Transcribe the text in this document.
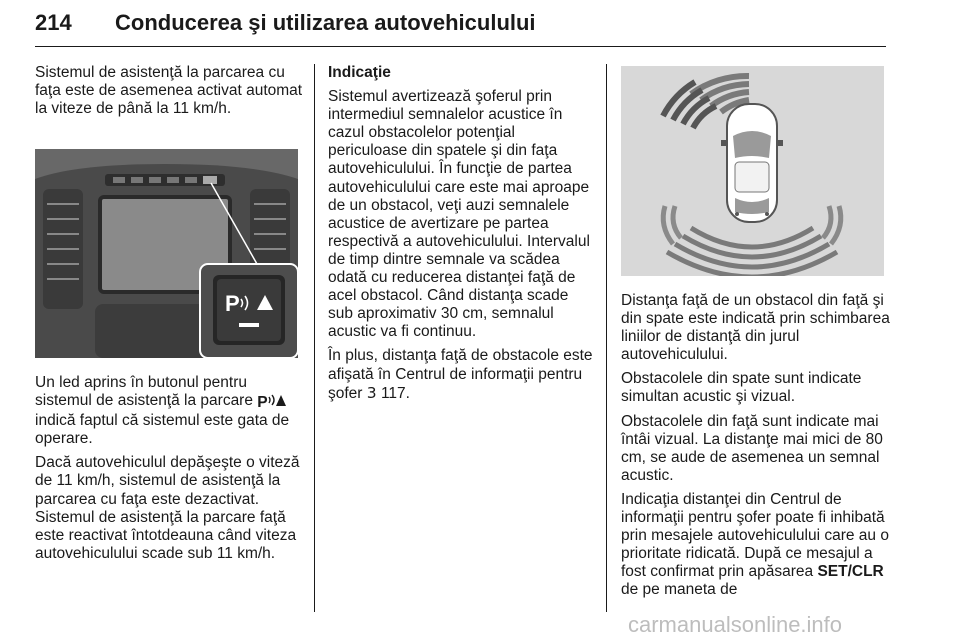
214 Conducerea şi utilizarea autovehiculului

Sistemul de asistenţă la parcarea cu faţa este de asemenea activat automat la viteze de până la 11 km/h.

P

Un led aprins în butonul pentru sistemul de asistenţă la parcare P indică faptul că sistemul este gata de operare.

Dacă autovehiculul depăşeşte o viteză de 11 km/h, sistemul de asistenţă la parcarea cu faţa este dezactivat. Sistemul de asistenţă la parcare faţă este reactivat întotdeauna când viteza autovehiculului scade sub 11 km/h.

Indicaţie

Sistemul avertizează şoferul prin intermediul semnalelor acustice în cazul obstacolelor potenţial periculoase din spatele şi din faţa autovehiculului. În funcţie de partea autovehiculului care este mai aproape de un obstacol, veţi auzi semnalele acustice de avertizare pe partea respectivă a autovehiculului. Intervalul de timp dintre semnale va scădea odată cu reducerea distanţei faţă de acel obstacol. Când distanţa scade sub aproximativ 30 cm, semnalul acustic va fi continuu.

În plus, distanţa faţă de obstacole este afişată în Centrul de informaţii pentru şofer 3 117.

Distanţa faţă de un obstacol din faţă şi din spate este indicată prin schimbarea liniilor de distanţă din jurul autovehiculului.

Obstacolele din spate sunt indicate simultan acustic şi vizual.

Obstacolele din faţă sunt indicate mai întâi vizual. La distanţe mai mici de 80 cm, se aude de asemenea un semnal acustic.

Indicaţia distanţei din Centrul de informaţii pentru şofer poate fi inhibată prin mesajele autovehiculului care au o prioritate ridicată. După ce mesajul a fost confirmat prin apăsarea SET/CLR de pe maneta de

carmanualsonline.info
